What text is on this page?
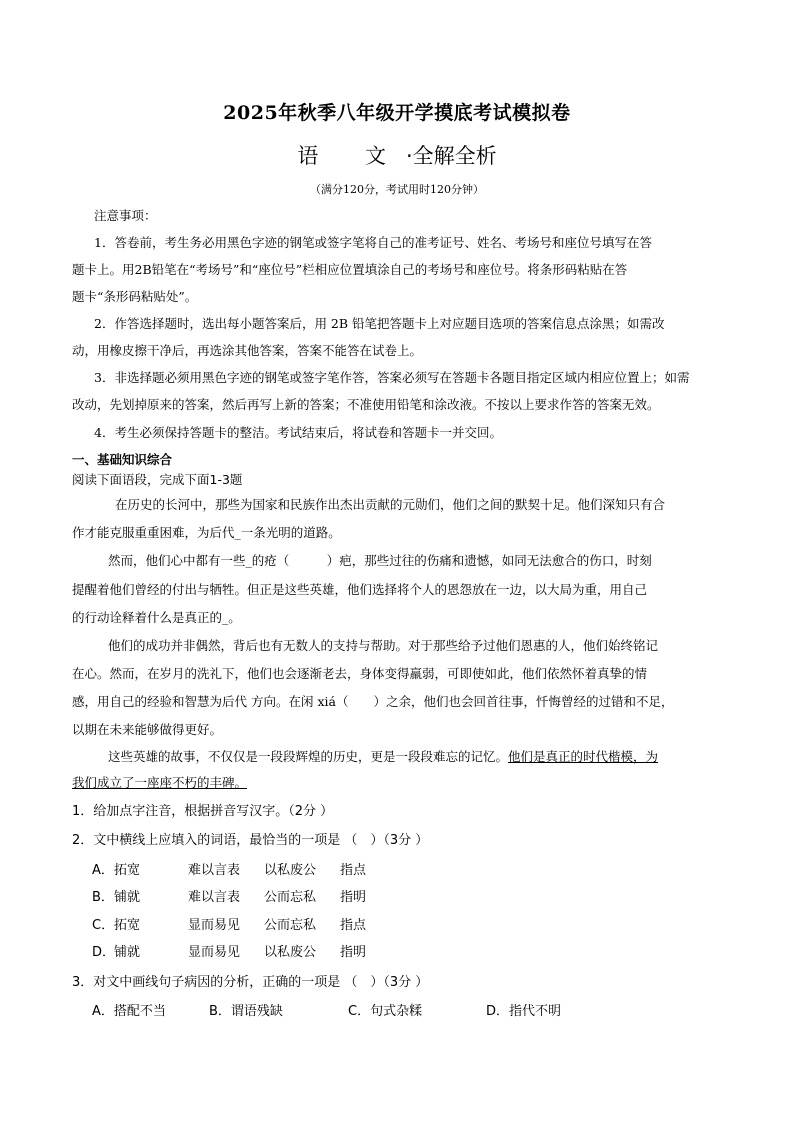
2025年秋季八年级开学摸底考试模拟卷
语 文·全解全析
（满分120分，考试用时120分钟）
注意事项：
1．答卷前，考生务必用黑色字迹的钢笔或签字笔将自己的准考证号、姓名、考场号和座位号填写在答
题卡上。用2B铅笔在“考场号”和“座位号”栏相应位置填涂自己的考场号和座位号。将条形码粘贴在答
题卡“条形码粘贴处”。
2．作答选择题时，选出每小题答案后，用 2B 铅笔把答题卡上对应题目选项的答案信息点涂黑；如需改
动，用橡皮擦干净后，再选涂其他答案，答案不能答在试卷上。
3．非选择题必须用黑色字迹的钢笔或签字笔作答，答案必须写在答题卡各题目指定区域内相应位置上；如需
改动，先划掉原来的答案，然后再写上新的答案；不准使用铅笔和涂改液。不按以上要求作答的答案无效。
4．考生必须保持答题卡的整洁。考试结束后，将试卷和答题卡一并交回。
一、基础知识综合
阅读下面语段，完成下面1-3题
在历史的长河中，那些为国家和民族作出杰出贡献的元勋们，他们之间的默契十足。他们深知只有合
作才能克服重重困难，为后代_一条光明的道路。
然而，他们心中都有一些_的疮（　　　）疤，那些过往的伤痛和遗憾，如同无法愈合的伤口，时刻
提醒着他们曾经的付出与牺牲。但正是这些英雄，他们选择将个人的恩怨放在一边，以大局为重，用自己
的行动诠释着什么是真正的_。
他们的成功并非偶然，背后也有无数人的支持与帮助。对于那些给予过他们恩惠的人，他们始终铭记
在心。然而，在岁月的洗礼下，他们也会逐渐老去，身体变得羸弱，可即使如此，他们依然怀着真挚的情
感，用自己的经验和智慧为后代 方向。在闲 xiá（　　）之余，他们也会回首往事，忏悔曾经的过错和不足，
以期在未来能够做得更好。
这些英雄的故事，不仅仅是一段段辉煌的历史，更是一段段难忘的记忆。他们是真正的时代楷模，为
我们成立了一座座不朽的丰碑。
1．给加点字注音，根据拼音写汉字。（2分 ）
2．文中横线上应填入的词语，最恰当的一项是 （　）（3分 ）
A．拓宽	难以言表 以私废公 指点
B．铺就	难以言表 公而忘私 指明
C．拓宽	显而易见 公而忘私 指点
D．铺就	显而易见 以私废公 指明
3．对文中画线句子病因的分析，正确的一项是 （　）（3分 ）
A．搭配不当	B．谓语残缺	C．句式杂糅	D．指代不明
